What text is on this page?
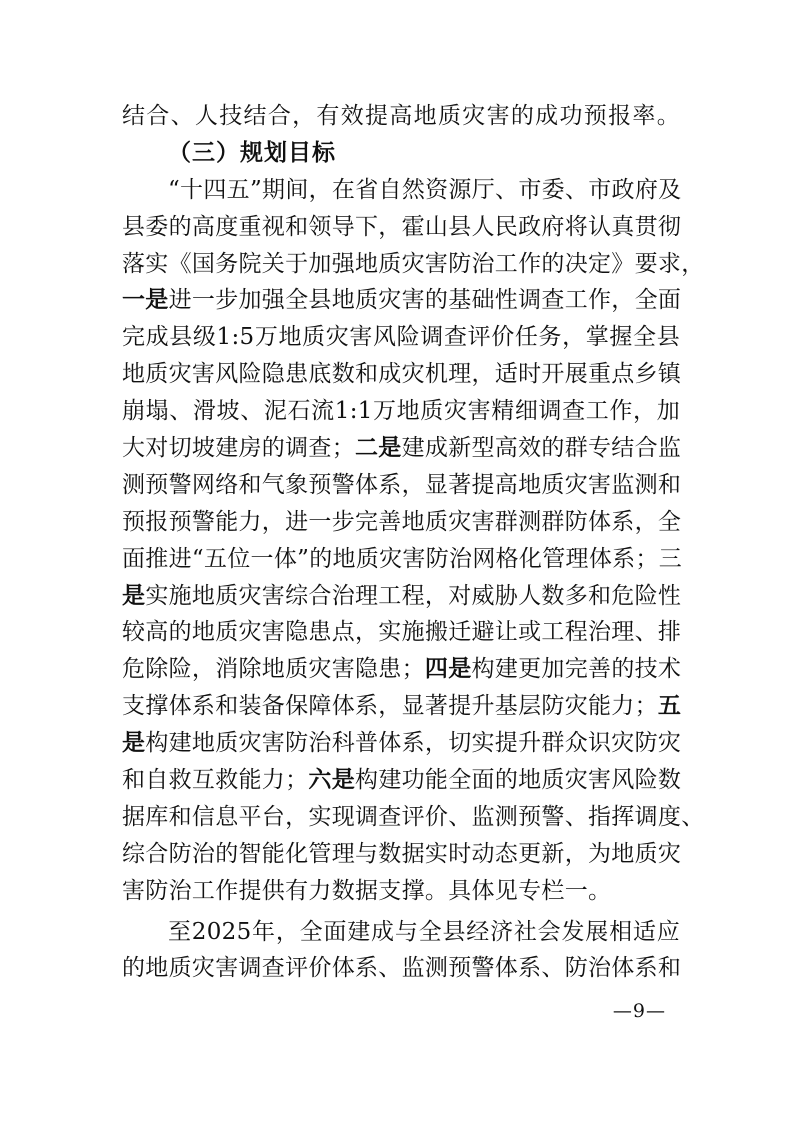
结合、人技结合，有效提高地质灾害的成功预报率。
（三）规划目标
“十四五”期间，在省自然资源厅、市委、市政府及
县委的高度重视和领导下，霍山县人民政府将认真贯彻
落实《国务院关于加强地质灾害防治工作的决定》要求，
一是进一步加强全县地质灾害的基础性调查工作，全面
完成县级1:5万地质灾害风险调查评价任务，掌握全县
地质灾害风险隐患底数和成灾机理，适时开展重点乡镇
崩塌、滑坡、泥石流1:1万地质灾害精细调查工作，加
大对切坡建房的调查；二是建成新型高效的群专结合监
测预警网络和气象预警体系，显著提高地质灾害监测和
预报预警能力，进一步完善地质灾害群测群防体系，全
面推进“五位一体”的地质灾害防治网格化管理体系；三
是实施地质灾害综合治理工程，对威胁人数多和危险性
较高的地质灾害隐患点，实施搬迁避让或工程治理、排
危除险，消除地质灾害隐患；四是构建更加完善的技术
支撑体系和装备保障体系，显著提升基层防灾能力；五
是构建地质灾害防治科普体系，切实提升群众识灾防灾
和自救互救能力；六是构建功能全面的地质灾害风险数
据库和信息平台，实现调查评价、监测预警、指挥调度、
综合防治的智能化管理与数据实时动态更新，为地质灾
害防治工作提供有力数据支撑。具体见专栏一。
至2025年，全面建成与全县经济社会发展相适应
的地质灾害调查评价体系、监测预警体系、防治体系和
—9—
